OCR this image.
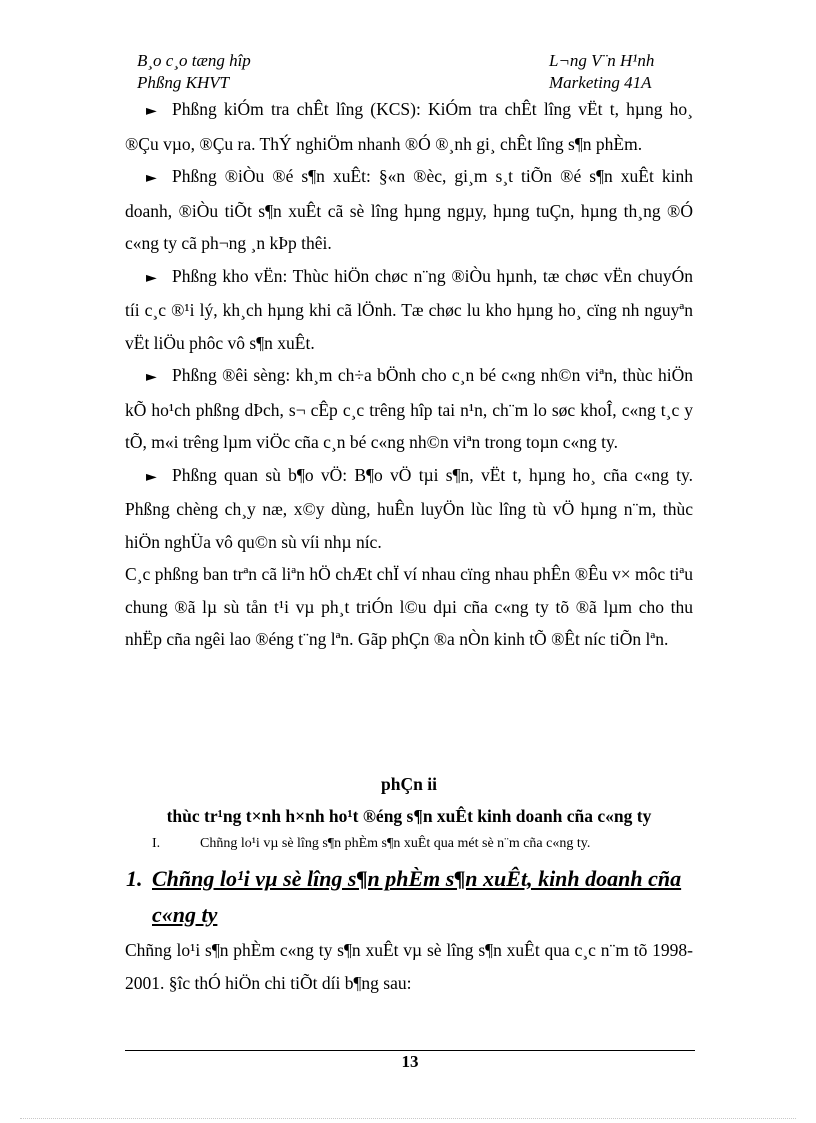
B¸o c¸o tæng hîp
Phßng KHVT
L¬ng V¨n H¹nh
Marketing 41A

► Phßng kiÓm tra chÊt lîng (KCS): KiÓm tra chÊt lîng vËt t, hµng ho¸ ®Çu vµo, ®Çu ra. ThÝ nghiÖm nhanh ®Ó ®¸nh gi¸ chÊt lîng s¶n phÈm.

► Phßng ®iÒu ®é s¶n xuÊt: §«n ®èc, gi¸m s¸t tiÕn ®é s¶n xuÊt kinh doanh, ®iÒu tiÕt s¶n xuÊt cã sè lîng hµng ngµy, hµng tuÇn, hµng th¸ng ®Ó c«ng ty cã ph¬ng ¸n kÞp thêi.

► Phßng kho vËn: Thùc hiÖn chøc n¨ng ®iÒu hµnh, tæ chøc vËn chuyÓn tíi c¸c ®¹i lý, kh¸ch hµng khi cã lÖnh. Tæ chøc lu kho hµng ho¸ cïng nh nguyªn vËt liÖu phôc vô s¶n xuÊt.

► Phßng ®êi sèng: kh¸m ch÷a bÖnh cho c¸n bé c«ng nh©n viªn, thùc hiÖn kÕ ho¹ch phßng dÞch, s¬ cÊp c¸c trêng hîp tai n¹n, ch¨m lo søc khoÎ, c«ng t¸c y tÕ, m«i trêng lµm viÖc cña c¸n bé c«ng nh©n viªn trong toµn c«ng ty.

► Phßng quan sù b¶o vÖ: B¶o vÖ tµi s¶n, vËt t, hµng ho¸ cña c«ng ty. Phßng chèng ch¸y næ, x©y dùng, huÊn luyÖn lùc lîng tù vÖ hµng n¨m, thùc hiÖn nghÜa vô qu©n sù víi nhµ níc.

C¸c phßng ban trªn cã liªn hÖ chÆt chÏ ví nhau cïng nhau phÊn ®Êu v× môc tiªu chung ®ã lµ sù tån t¹i vµ ph¸t triÓn l©u dµi cña c«ng ty tõ ®ã lµm cho thu nhËp cña ngêi lao ®éng t¨ng lªn. Gãp phÇn ®a nÒn kinh tÕ ®Êt níc tiÕn lªn.

phÇn ii
thùc tr¹ng t×nh h×nh ho¹t ®éng s¶n xuÊt kinh doanh cña c«ng ty
I.	Chñng lo¹i vµ sè lîng s¶n phÈm s¶n xuÊt qua mét sè n¨m cña c«ng ty.
1. Chñng lo¹i vµ sè lîng s¶n phÈm s¶n xuÊt, kinh doanh cña
c«ng ty

Chñng lo¹i s¶n phÈm c«ng ty s¶n xuÊt vµ sè lîng s¶n xuÊt qua c¸c n¨m tõ 1998-2001. §îc thÓ hiÖn chi tiÕt díi b¶ng sau:

13
